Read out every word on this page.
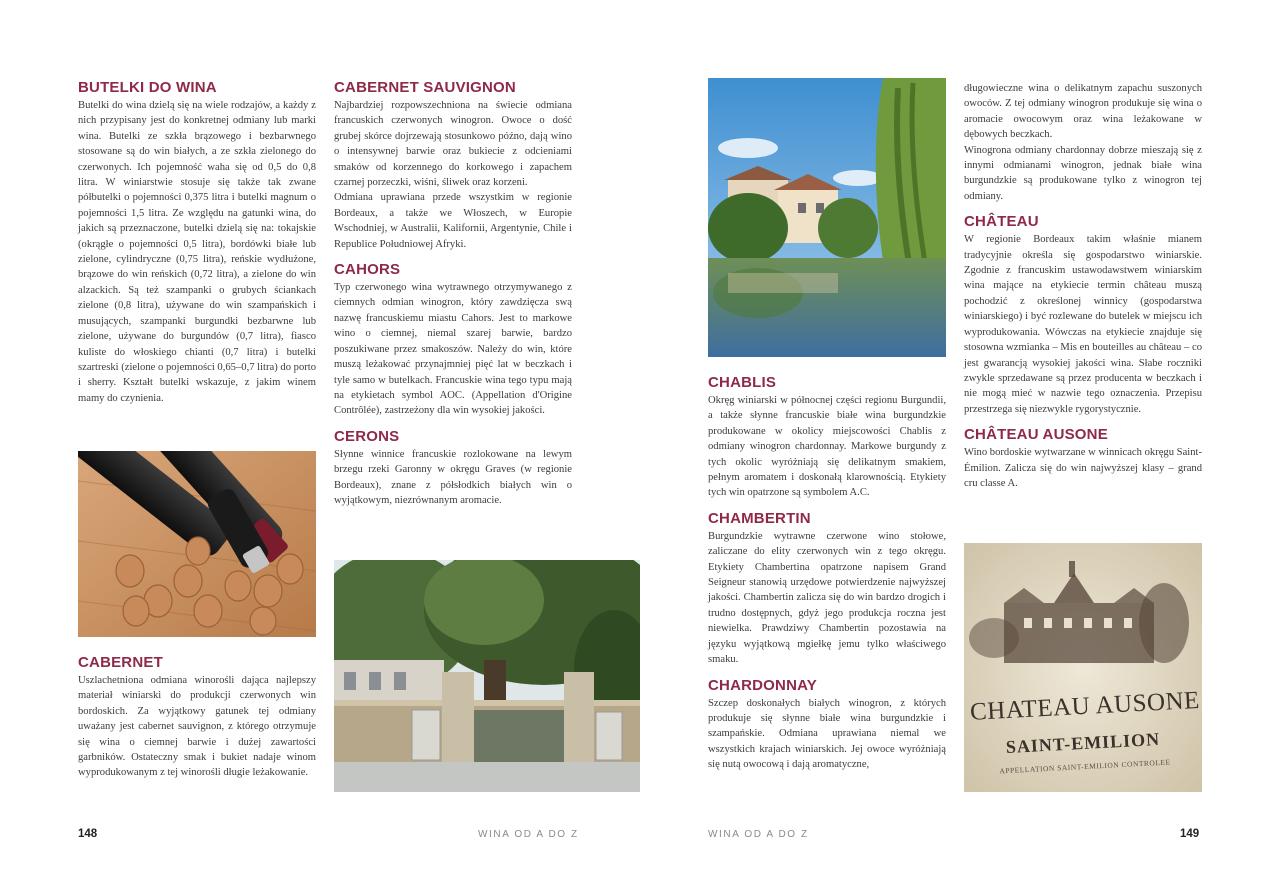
BUTELKI DO WINA
Butelki do wina dzielą się na wiele rodzajów, a każdy z nich przypisany jest do konkretnej odmiany lub marki wina. Butelki ze szkła brązowego i bezbarwnego stosowane są do win białych, a ze szkła zielonego do czerwonych. Ich pojemność waha się od 0,5 do 0,8 litra. W winiarstwie stosuje się także tak zwane półbutelki o pojemności 0,375 litra i butelki magnum o pojemności 1,5 litra. Ze względu na gatunki wina, do jakich są przeznaczone, butelki dzielą się na: tokajskie (okrągłe o pojemności 0,5 litra), bordówki białe lub zielone, cylindryczne (0,75 litra), reńskie wydłużone, brązowe do win reńskich (0,72 litra), a zielone do win alzackich. Są też szampanki o grubych ściankach zielone (0,8 litra), używane do win szampańskich i musujących, szampanki burgundki bezbarwne lub zielone, używane do burgundów (0,7 litra), fiasco kuliste do włoskiego chianti (0,7 litra) i butelki szartreski (zielone o pojemności 0,65–0,7 litra) do porto i sherry. Kształt butelki wskazuje, z jakim winem mamy do czynienia.
CABERNET
Uszlachetniona odmiana winorośli dająca najlepszy materiał winiarski do produkcji czerwonych win bordoskich. Za wyjątkowy gatunek tej odmiany uważany jest cabernet sauvignon, z którego otrzymuje się wina o ciemnej barwie i dużej zawartości garbników. Ostateczny smak i bukiet nadaje winom wyprodukowanym z tej winorośli długie leżakowanie.
CABERNET SAUVIGNON
Najbardziej rozpowszechniona na świecie odmiana francuskich czerwonych winogron. Owoce o dość grubej skórce dojrzewają stosunkowo późno, dają wino o intensywnej barwie oraz bukiecie z odcieniami smaków od korzennego do korkowego i zapachem czarnej porzeczki, wiśni, śliwek oraz korzeni.
Odmiana uprawiana przede wszystkim w regionie Bordeaux, a także we Włoszech, w Europie Wschodniej, w Australii, Kalifornii, Argentynie, Chile i Republice Południowej Afryki.
CAHORS
Typ czerwonego wina wytrawnego otrzymywanego z ciemnych odmian winogron, który zawdzięcza swą nazwę francuskiemu miastu Cahors. Jest to markowe wino o ciemnej, niemal szarej barwie, bardzo poszukiwane przez smakoszów. Należy do win, które muszą leżakować przynajmniej pięć lat w beczkach i tyle samo w butelkach. Francuskie wina tego typu mają na etykietach symbol AOC. (Appellation d'Origine Contrôlée), zastrzeżony dla win wysokiej jakości.
CERONS
Słynne winnice francuskie rozlokowane na lewym brzegu rzeki Garonny w okręgu Graves (w regionie Bordeaux), znane z półsłodkich białych win o wyjątkowym, niezrównanym aromacie.
148	WINA OD A DO Z
CHABLIS
Okręg winiarski w północnej części regionu Burgundii, a także słynne francuskie białe wina burgundzkie produkowane w okolicy miejscowości Chablis z odmiany winogron chardonnay. Markowe burgundy z tych okolic wyróżniają się delikatnym smakiem, pełnym aromatem i doskonałą klarownością. Etykiety tych win opatrzone są symbolem A.C.
CHAMBERTIN
Burgundzkie wytrawne czerwone wino stołowe, zaliczane do elity czerwonych win z tego okręgu. Etykiety Chambertina opatrzone napisem Grand Seigneur stanowią urzędowe potwierdzenie najwyższej jakości. Chambertin zalicza się do win bardzo drogich i trudno dostępnych, gdyż jego produkcja roczna jest niewielka. Prawdziwy Chambertin pozostawia na języku wyjątkową mgiełkę jemu tylko właściwego smaku.
CHARDONNAY
Szczep doskonałych białych winogron, z których produkuje się słynne białe wina burgundzkie i szampańskie. Odmiana uprawiana niemal we wszystkich krajach winiarskich. Jej owoce wyróżniają się nutą owocową i dają aromatyczne,
długowieczne wina o delikatnym zapachu suszonych owoców. Z tej odmiany winogron produkuje się wina o aromacie owocowym oraz wina leżakowane w dębowych beczkach.
Winogrona odmiany chardonnay dobrze mieszają się z innymi odmianami winogron, jednak białe wina burgundzkie są produkowane tylko z winogron tej odmiany.
CHÂTEAU
W regionie Bordeaux takim właśnie mianem tradycyjnie określa się gospodarstwo winiarskie. Zgodnie z francuskim ustawodawstwem winiarskim wina mające na etykiecie termin château muszą pochodzić z określonej winnicy (gospodarstwa winiarskiego) i być rozlewane do butelek w miejscu ich wyprodukowania. Wówczas na etykiecie znajduje się stosowna wzmianka – Mis en bouteilles au château – co jest gwarancją wysokiej jakości wina. Słabe roczniki zwykle sprzedawane są przez producenta w beczkach i nie mogą mieć w nazwie tego oznaczenia. Przepisu przestrzega się niezwykle rygorystycznie.
CHÂTEAU AUSONE
Wino bordoskie wytwarzane w winnicach okręgu Saint-Émilion. Zalicza się do win najwyższej klasy – grand cru classe A.
CHATEAU AUSONE
SAINT-EMILION
APPELLATION SAINT-EMILION CONTROLEE
WINA OD A DO Z	149
